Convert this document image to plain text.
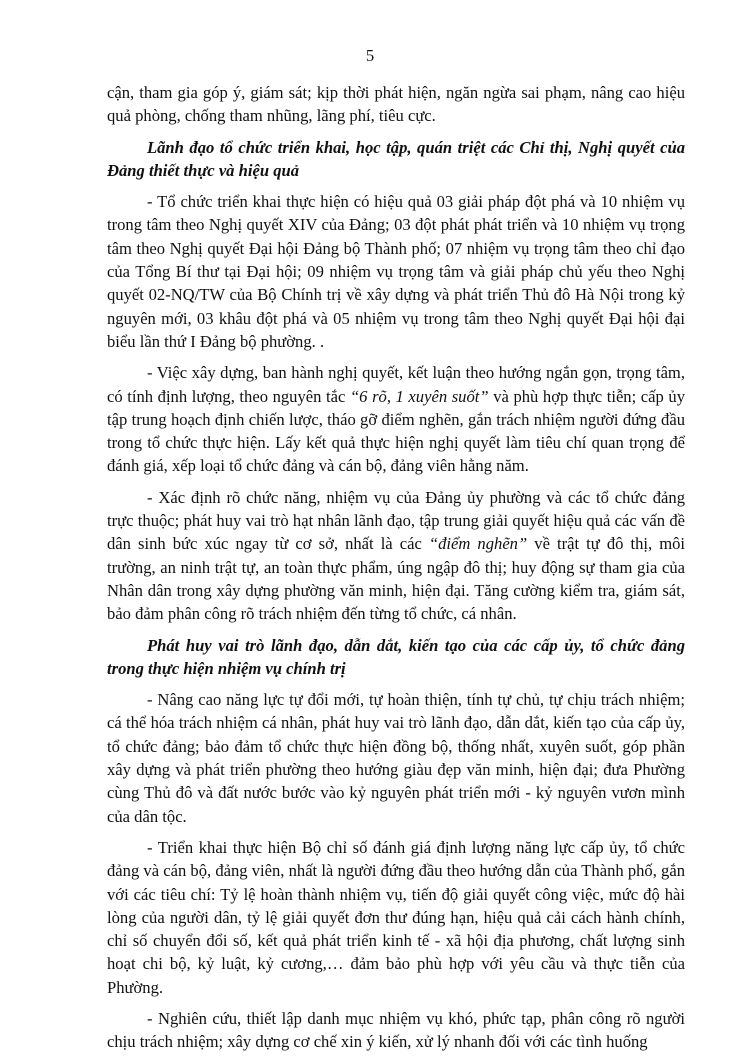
5

cận, tham gia góp ý, giám sát; kịp thời phát hiện, ngăn ngừa sai phạm, nâng cao hiệu quả phòng, chống tham nhũng, lãng phí, tiêu cực.

Lãnh đạo tổ chức triển khai, học tập, quán triệt các Chỉ thị, Nghị quyết của Đảng thiết thực và hiệu quả

- Tổ chức triển khai thực hiện có hiệu quả 03 giải pháp đột phá và 10 nhiệm vụ trong tâm theo Nghị quyết XIV của Đảng; 03 đột phát phát triển và 10 nhiệm vụ trọng tâm theo Nghị quyết Đại hội Đảng bộ Thành phố; 07 nhiệm vụ trọng tâm theo chỉ đạo của Tổng Bí thư tại Đại hội; 09 nhiệm vụ trọng tâm và giải pháp chủ yếu theo Nghị quyết 02-NQ/TW của Bộ Chính trị về xây dựng và phát triển Thủ đô Hà Nội trong kỷ nguyên mới, 03 khâu đột phá và 05 nhiệm vụ trong tâm theo Nghị quyết Đại hội đại biểu lần thứ I Đảng bộ phường. .

- Việc xây dựng, ban hành nghị quyết, kết luận theo hướng ngắn gọn, trọng tâm, có tính định lượng, theo nguyên tắc “6 rõ, 1 xuyên suốt” và phù hợp thực tiễn; cấp ủy tập trung hoạch định chiến lược, tháo gỡ điểm nghẽn, gắn trách nhiệm người đứng đầu trong tổ chức thực hiện. Lấy kết quả thực hiện nghị quyết làm tiêu chí quan trọng để đánh giá, xếp loại tổ chức đảng và cán bộ, đảng viên hằng năm.

- Xác định rõ chức năng, nhiệm vụ của Đảng ủy phường và các tổ chức đảng trực thuộc; phát huy vai trò hạt nhân lãnh đạo, tập trung giải quyết hiệu quả các vấn đề dân sinh bức xúc ngay từ cơ sở, nhất là các “điểm nghẽn” về trật tự đô thị, môi trường, an ninh trật tự, an toàn thực phẩm, úng ngập đô thị; huy động sự tham gia của Nhân dân trong xây dựng phường văn minh, hiện đại. Tăng cường kiểm tra, giám sát, bảo đảm phân công rõ trách nhiệm đến từng tổ chức, cá nhân.

Phát huy vai trò lãnh đạo, dẫn dắt, kiến tạo của các cấp ủy, tổ chức đảng trong thực hiện nhiệm vụ chính trị

- Nâng cao năng lực tự đổi mới, tự hoàn thiện, tính tự chủ, tự chịu trách nhiệm; cá thể hóa trách nhiệm cá nhân, phát huy vai trò lãnh đạo, dẫn dắt, kiến tạo của cấp ủy, tổ chức đảng; bảo đảm tổ chức thực hiện đồng bộ, thống nhất, xuyên suốt, góp phần xây dựng và phát triển phường theo hướng giàu đẹp văn minh, hiện đại; đưa Phường cùng Thủ đô và đất nước bước vào kỷ nguyên phát triển mới - kỷ nguyên vươn mình của dân tộc.

- Triển khai thực hiện Bộ chỉ số đánh giá định lượng năng lực cấp ủy, tổ chức đảng và cán bộ, đảng viên, nhất là người đứng đầu theo hướng dẫn của Thành phố, gắn với các tiêu chí: Tỷ lệ hoàn thành nhiệm vụ, tiến độ giải quyết công việc, mức độ hài lòng của người dân, tỷ lệ giải quyết đơn thư đúng hạn, hiệu quả cải cách hành chính, chỉ số chuyển đổi số, kết quả phát triển kinh tế - xã hội địa phương, chất lượng sinh hoạt chi bộ, kỷ luật, kỷ cương,… đảm bảo phù hợp với yêu cầu và thực tiễn của Phường.

- Nghiên cứu, thiết lập danh mục nhiệm vụ khó, phức tạp, phân công rõ người chịu trách nhiệm; xây dựng cơ chế xin ý kiến, xử lý nhanh đối với các tình huống
